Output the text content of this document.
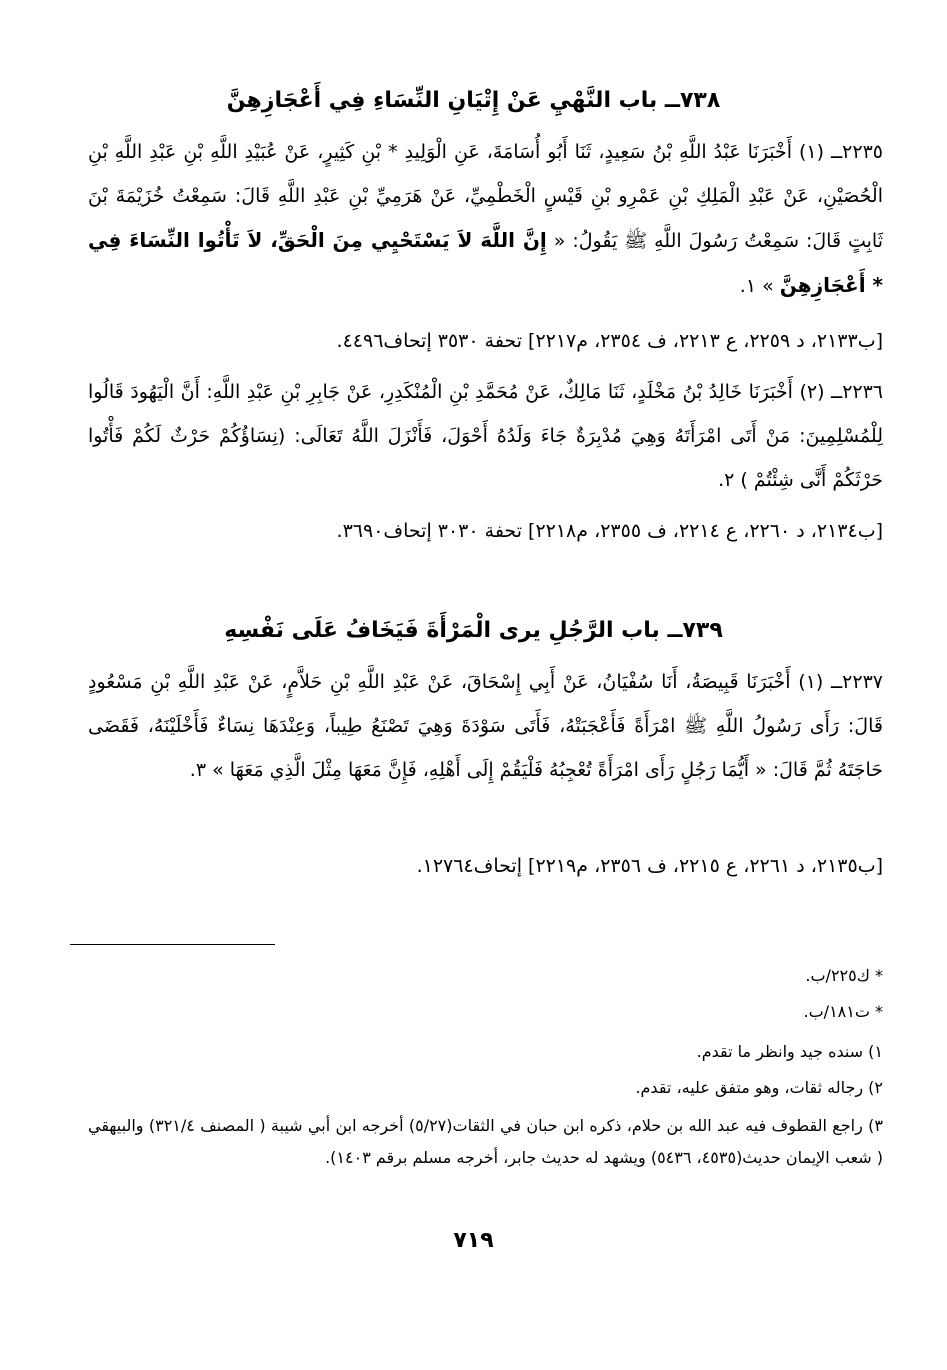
٧٣٨ــ باب النَّهْيِ عَنْ إِتْيَانِ النِّسَاءِ فِي أَعْجَازِهِنَّ
٢٢٣٥ــ (١) أَخْبَرَنَا عَبْدُ اللَّهِ بْنُ سَعِيدٍ، ثَنَا أَبُو أُسَامَةَ، عَنِ الْوَلِيدِ * بْنِ كَثِيرٍ، عَنْ عُبَيْدِ اللَّهِ بْنِ عَبْدِ اللَّهِ بْنِ الْحُصَيْنِ، عَنْ عَبْدِ الْمَلِكِ بْنِ عَمْرِو بْنِ قَيْسٍ الْخَطْمِيِّ، عَنْ هَرَمِيِّ بْنِ عَبْدِ اللَّهِ قَالَ: سَمِعْتُ خُزَيْمَةَ بْنَ ثَابِتٍ قَالَ: سَمِعْتُ رَسُولَ اللَّهِ ﷺ يَقُولُ: « إِنَّ اللَّهَ لاَ يَسْتَحْيِي مِنَ الْحَقِّ، لاَ تَأْتُوا النِّسَاءَ فِي * أَعْجَازِهِنَّ » ١.
[ب٢١٣٣، د ٢٢٥٩، ع ٢٢١٣، ف ٢٣٥٤، م٢٢١٧] تحفة ٣٥٣٠ إتحاف٤٤٩٦.
٢٢٣٦ــ (٢) أَخْبَرَنَا خَالِدُ بْنُ مَخْلَدٍ، ثَنَا مَالِكٌ، عَنْ مُحَمَّدِ بْنِ الْمُنْكَدِرِ، عَنْ جَابِرِ بْنِ عَبْدِ اللَّهِ: أَنَّ الْيَهُودَ قَالُوا لِلْمُسْلِمِينَ: مَنْ أَتَى امْرَأَتَهُ وَهِيَ مُدْبِرَةٌ جَاءَ وَلَدُهُ أَحْوَلَ، فَأَنْزَلَ اللَّهُ تَعَالَى: (نِسَاؤُكُمْ حَرْثٌ لَكُمْ فَأْتُوا حَرْثَكُمْ أَنَّى شِئْتُمْ ) ٢.
[ب٢١٣٤، د ٢٢٦٠، ع ٢٢١٤، ف ٢٣٥٥، م٢٢١٨] تحفة ٣٠٣٠ إتحاف٣٦٩٠.
٧٣٩ــ باب الرَّجُلِ يرى الْمَرْأَةَ فَيَخَافُ عَلَى نَفْسِهِ
٢٢٣٧ــ (١) أَخْبَرَنَا قَبِيصَةُ، أَنَا سُفْيَانُ، عَنْ أَبِي إِسْحَاقَ، عَنْ عَبْدِ اللَّهِ بْنِ حَلاَّمٍ، عَنْ عَبْدِ اللَّهِ بْنِ مَسْعُودٍ قَالَ: رَأَى رَسُولُ اللَّهِ ﷺ امْرَأَةً فَأَعْجَبَتْهُ، فَأَتَى سَوْدَةَ وَهِيَ تَصْنَعُ طِيباً، وَعِنْدَهَا نِسَاءٌ فَأَخْلَيْنَهُ، فَقَضَى حَاجَتَهُ ثُمَّ قَالَ: « أَيُّمَا رَجُلٍ رَأَى امْرَأَةً تُعْجِبُهُ فَلْيَقُمْ إِلَى أَهْلِهِ، فَإِنَّ مَعَهَا مِثْلَ الَّذِي مَعَهَا » ٣.
[ب٢١٣٥، د ٢٢٦١، ع ٢٢١٥، ف ٢٣٥٦، م٢٢١٩] إتحاف١٢٧٦٤.
* ك٢٢٥/ب.
* ت١٨١/ب.
١) سنده جيد وانظر ما تقدم.
٢) رجاله ثقات، وهو متفق عليه، تقدم.
٣) راجع القطوف فيه عبد الله بن حلام، ذكره ابن حبان في الثقات(٥/٢٧) أخرجه ابن أبي شيبة ( المصنف ٣٢١/٤) والبيهقي ( شعب الإيمان حديث(٤٥٣٥، ٥٤٣٦) ويشهد له حديث جابر، أخرجه مسلم برقم ١٤٠٣).
٧١٩
